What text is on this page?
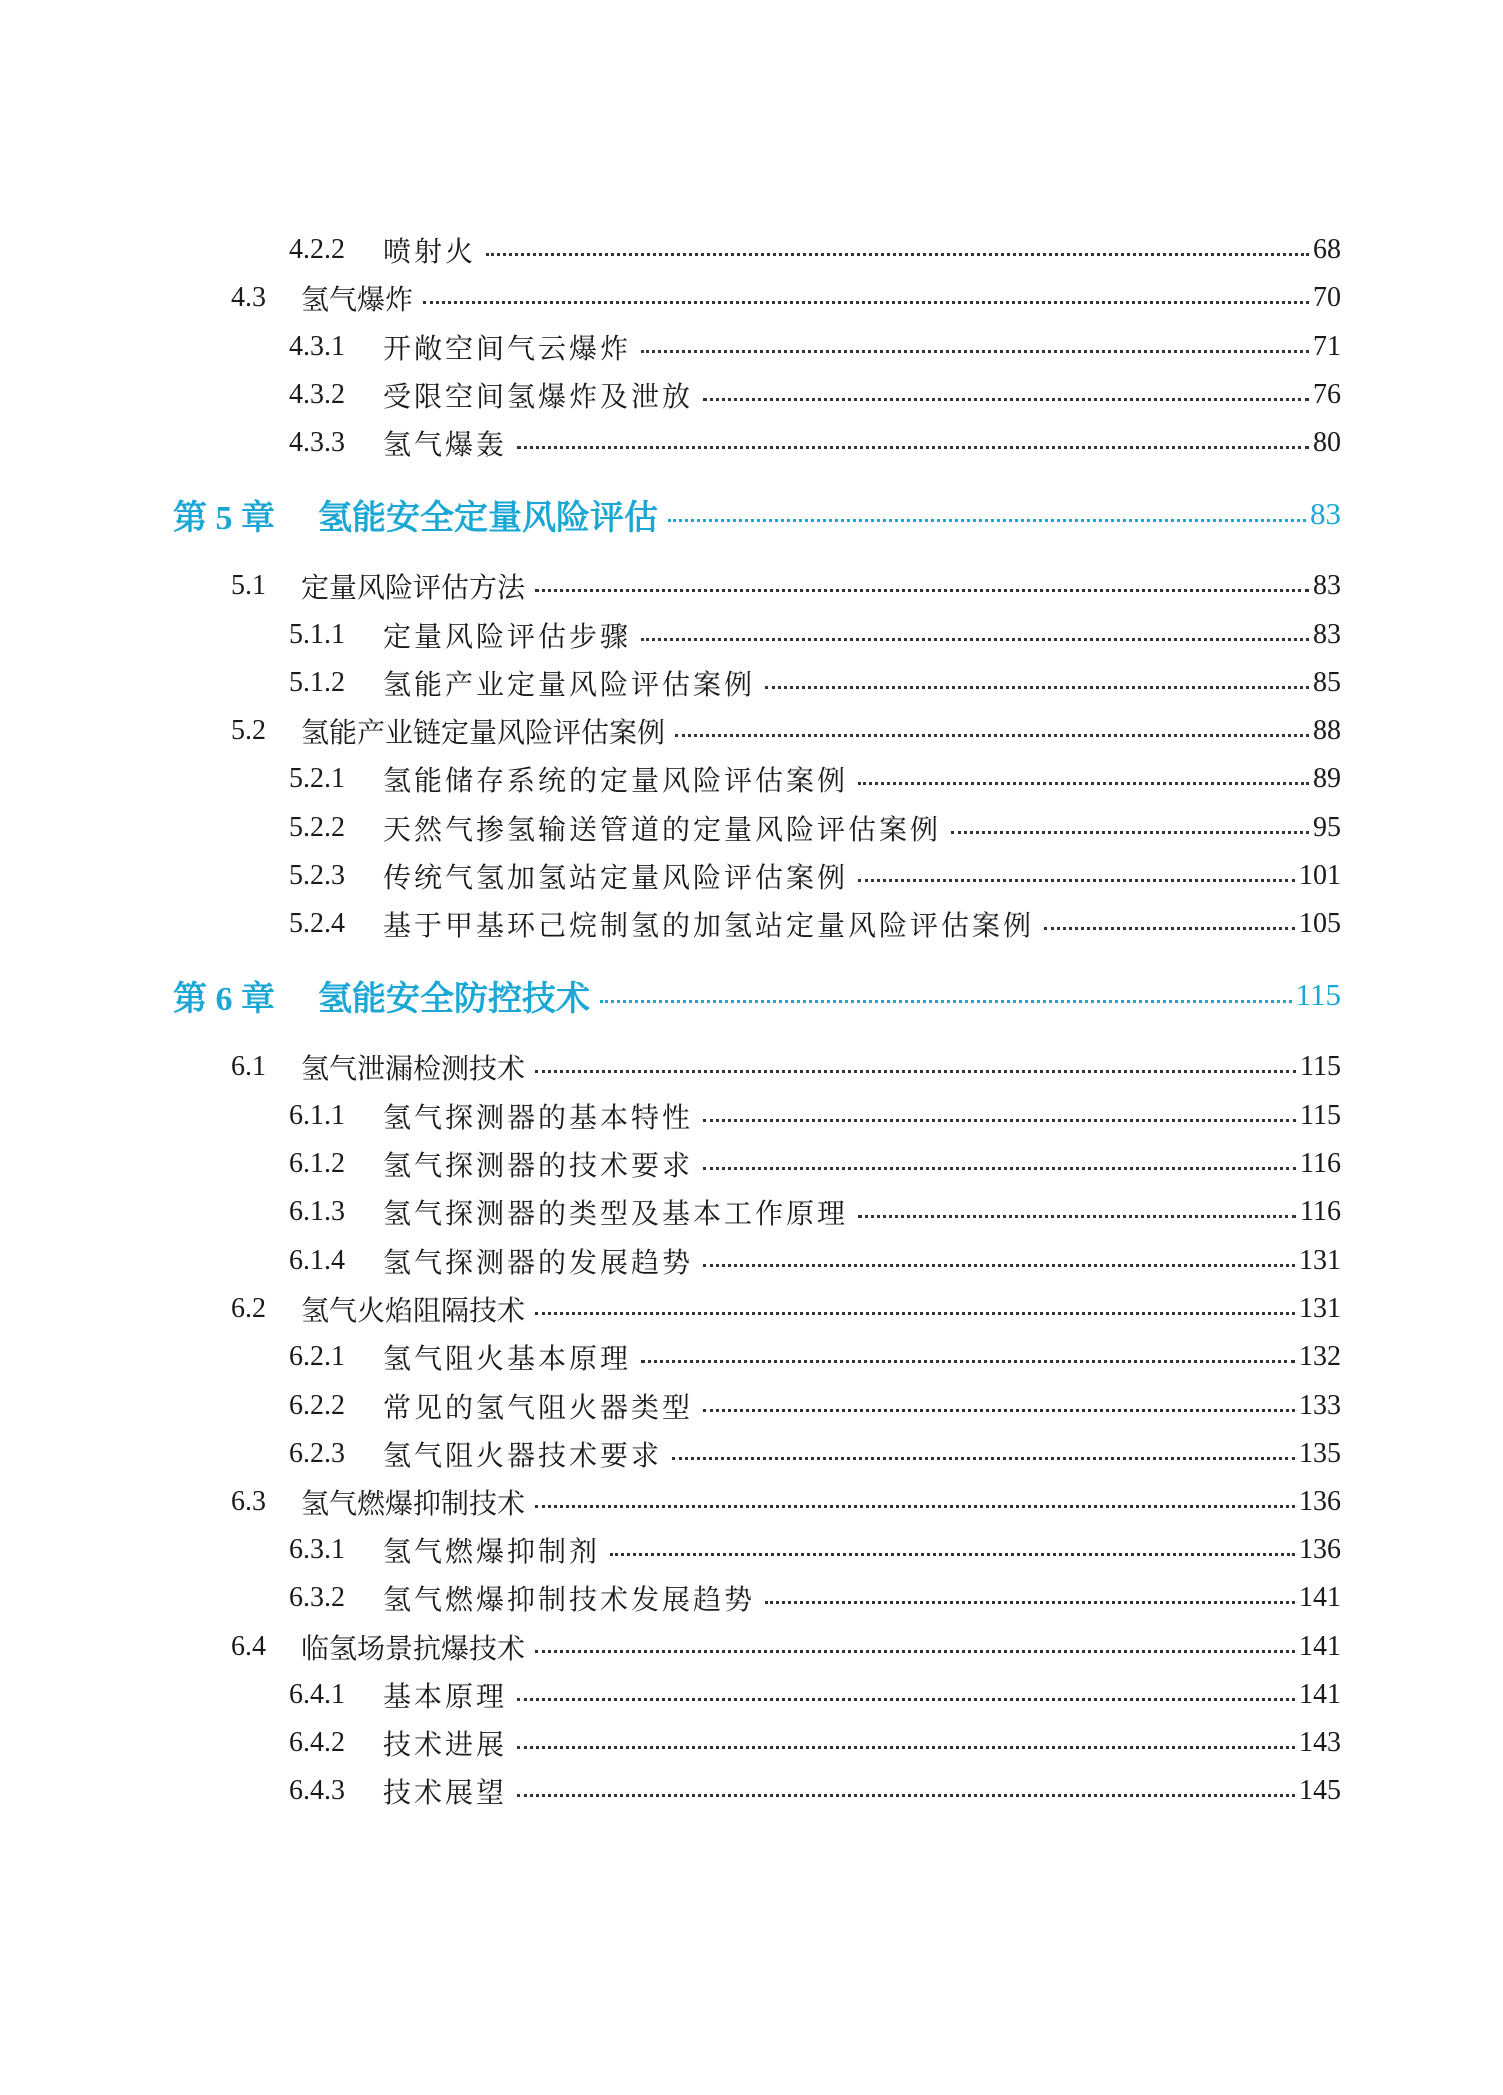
4.2.2	喷射火	68
4.3	氢气爆炸	70
4.3.1	开敞空间气云爆炸	71
4.3.2	受限空间氢爆炸及泄放	76
4.3.3	氢气爆轰	80
第 5 章	氢能安全定量风险评估	83
5.1	定量风险评估方法	83
5.1.1	定量风险评估步骤	83
5.1.2	氢能产业定量风险评估案例	85
5.2	氢能产业链定量风险评估案例	88
5.2.1	氢能储存系统的定量风险评估案例	89
5.2.2	天然气掺氢输送管道的定量风险评估案例	95
5.2.3	传统气氢加氢站定量风险评估案例	101
5.2.4	基于甲基环己烷制氢的加氢站定量风险评估案例	105
第 6 章	氢能安全防控技术	115
6.1	氢气泄漏检测技术	115
6.1.1	氢气探测器的基本特性	115
6.1.2	氢气探测器的技术要求	116
6.1.3	氢气探测器的类型及基本工作原理	116
6.1.4	氢气探测器的发展趋势	131
6.2	氢气火焰阻隔技术	131
6.2.1	氢气阻火基本原理	132
6.2.2	常见的氢气阻火器类型	133
6.2.3	氢气阻火器技术要求	135
6.3	氢气燃爆抑制技术	136
6.3.1	氢气燃爆抑制剂	136
6.3.2	氢气燃爆抑制技术发展趋势	141
6.4	临氢场景抗爆技术	141
6.4.1	基本原理	141
6.4.2	技术进展	143
6.4.3	技术展望	145
